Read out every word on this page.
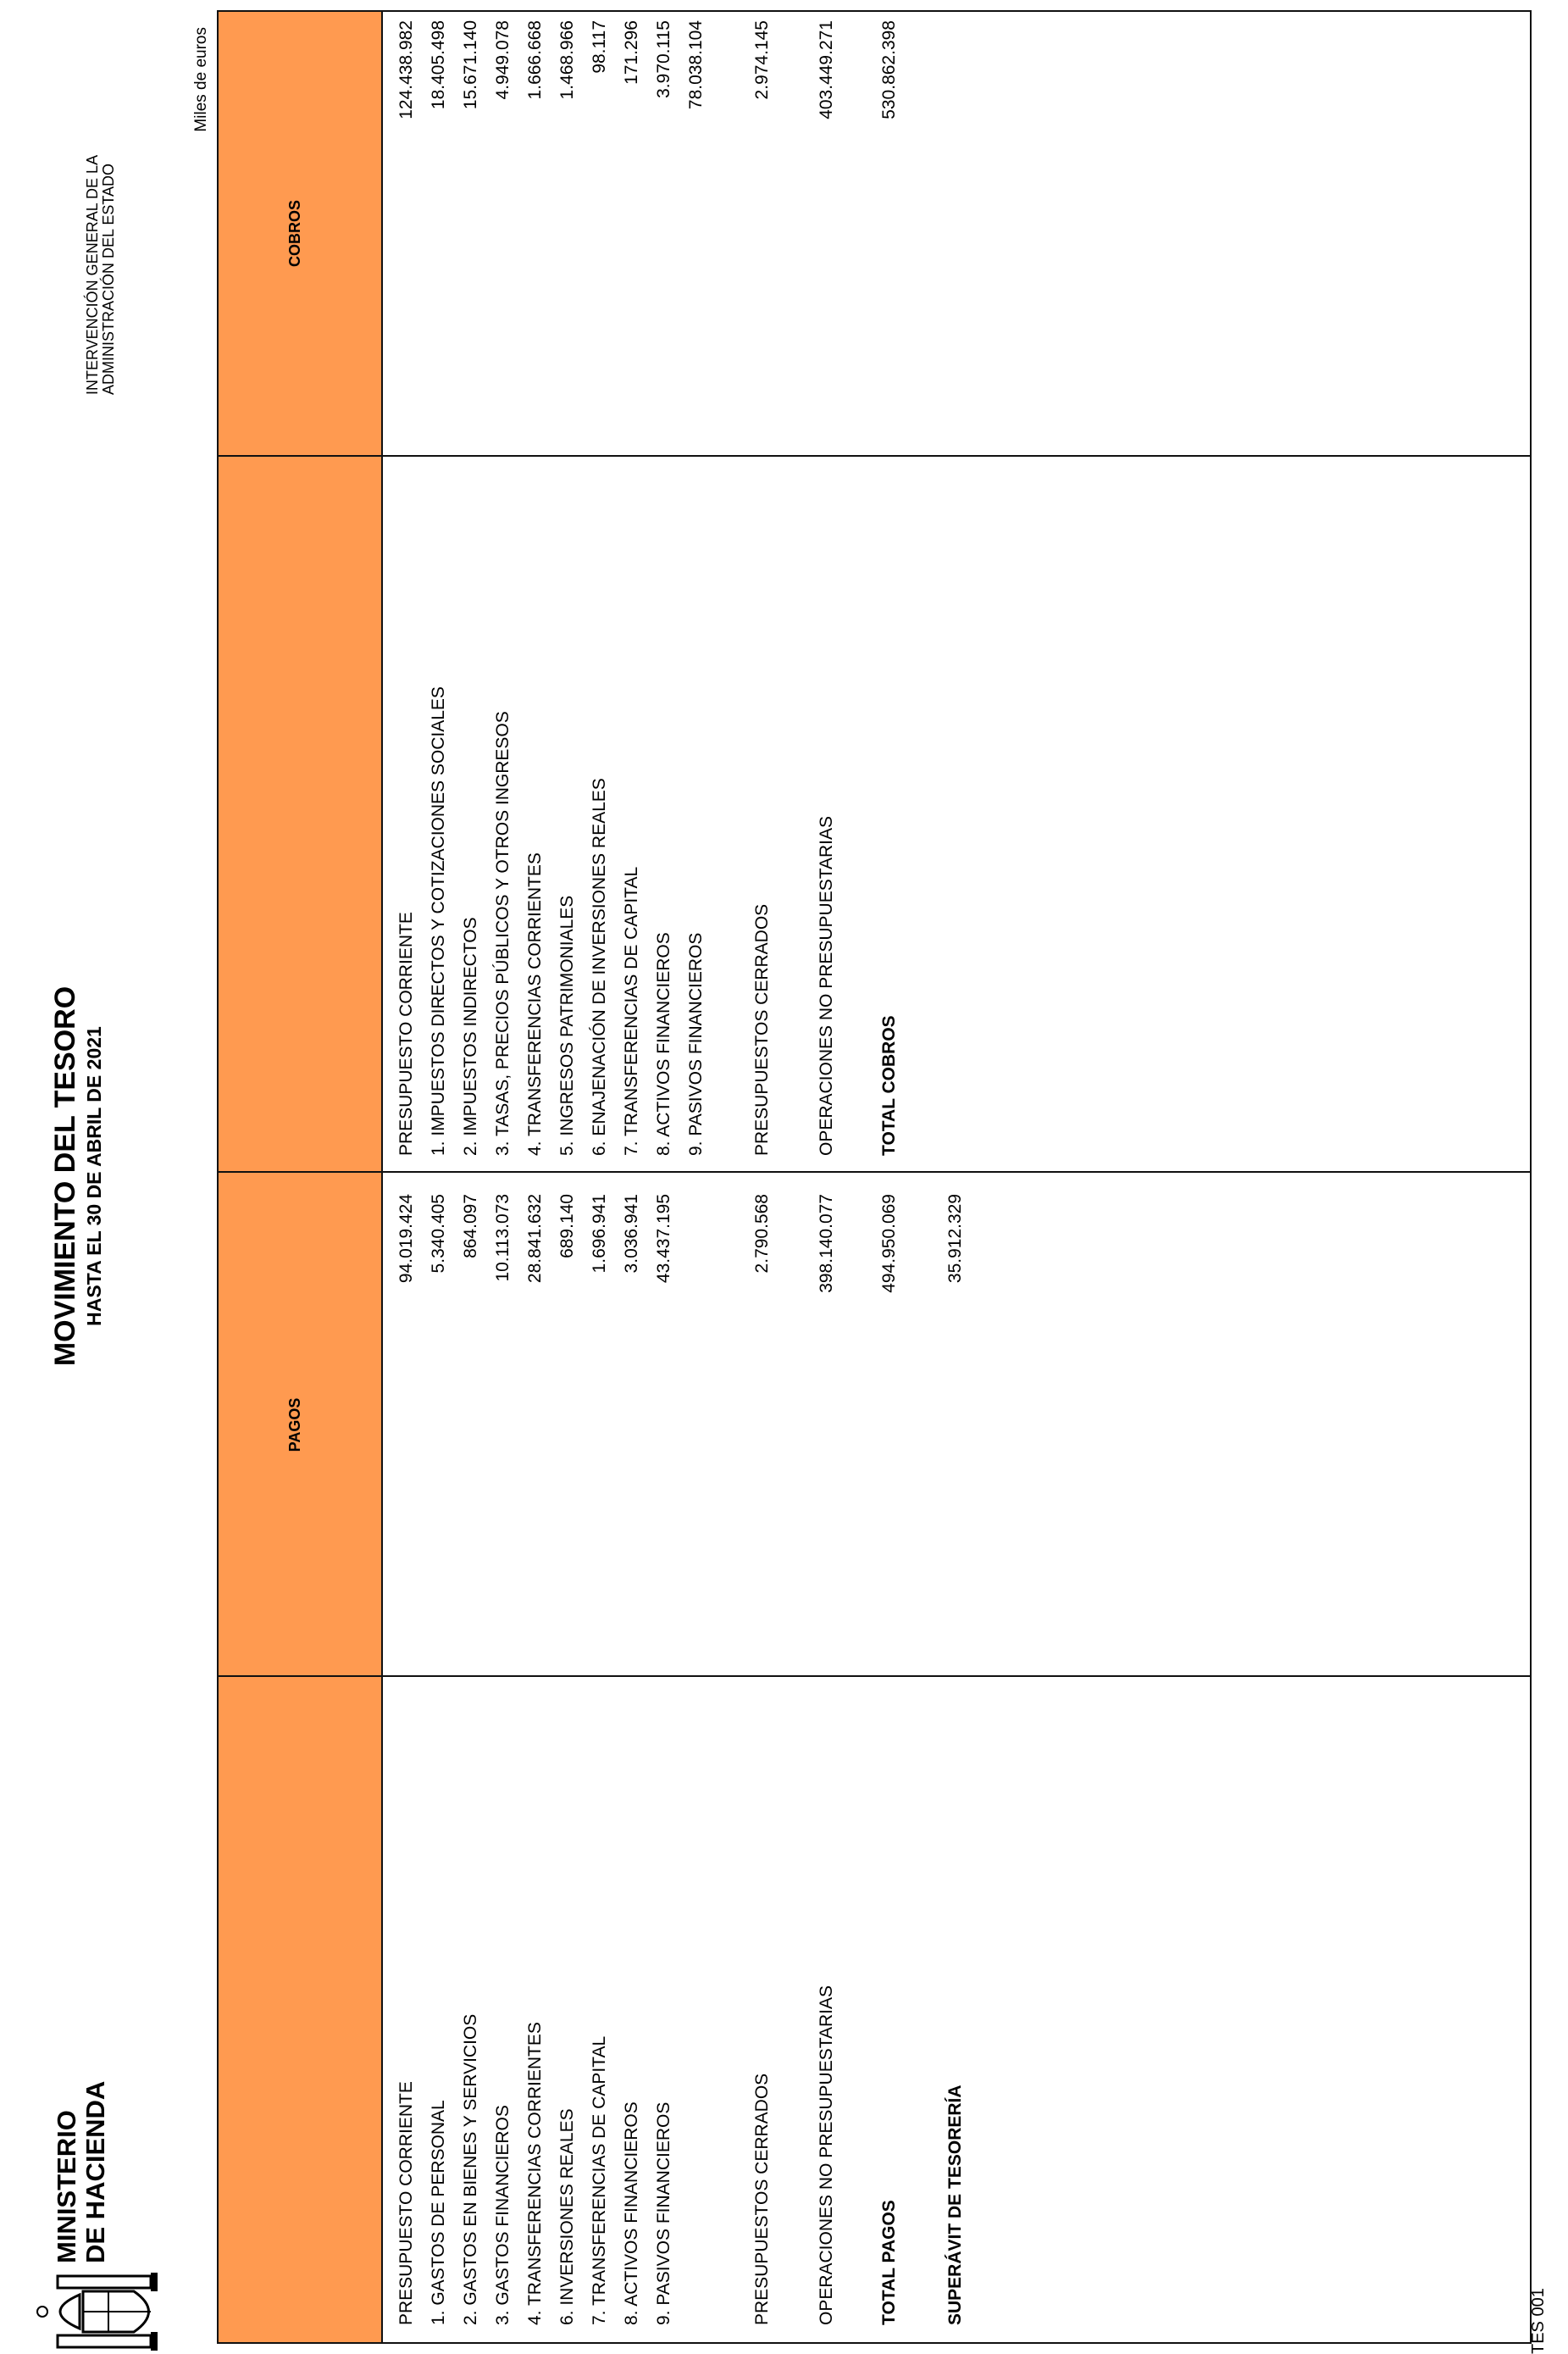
MINISTERIO DE HACIENDA
MOVIMIENTO DEL TESORO HASTA EL 30 DE ABRIL DE 2021
INTERVENCIÓN GENERAL DE LA ADMINISTRACIÓN DEL ESTADO
Miles de euros
PAGOS
COBROS
PRESUPUESTO CORRIENTE
94.019.424
1. GASTOS DE PERSONAL
5.340.405
2. GASTOS EN BIENES Y SERVICIOS
864.097
3. GASTOS FINANCIEROS
10.113.073
4. TRANSFERENCIAS CORRIENTES
28.841.632
6. INVERSIONES REALES
689.140
7. TRANSFERENCIAS DE CAPITAL
1.696.941
8. ACTIVOS FINANCIEROS
3.036.941
9. PASIVOS FINANCIEROS
43.437.195
PRESUPUESTOS CERRADOS
2.790.568
OPERACIONES NO PRESUPUESTARIAS
398.140.077
TOTAL PAGOS
494.950.069
SUPERÁVIT DE TESORERÍA
35.912.329
PRESUPUESTO CORRIENTE
124.438.982
1. IMPUESTOS DIRECTOS Y COTIZACIONES SOCIALES
18.405.498
2. IMPUESTOS INDIRECTOS
15.671.140
3. TASAS, PRECIOS PÚBLICOS Y OTROS INGRESOS
4.949.078
4. TRANSFERENCIAS CORRIENTES
1.666.668
5. INGRESOS PATRIMONIALES
1.468.966
6. ENAJENACIÓN DE INVERSIONES REALES
98.117
7. TRANSFERENCIAS DE CAPITAL
171.296
8. ACTIVOS FINANCIEROS
3.970.115
9. PASIVOS FINANCIEROS
78.038.104
PRESUPUESTOS CERRADOS
2.974.145
OPERACIONES NO PRESUPUESTARIAS
403.449.271
TOTAL COBROS
530.862.398
TES 001
